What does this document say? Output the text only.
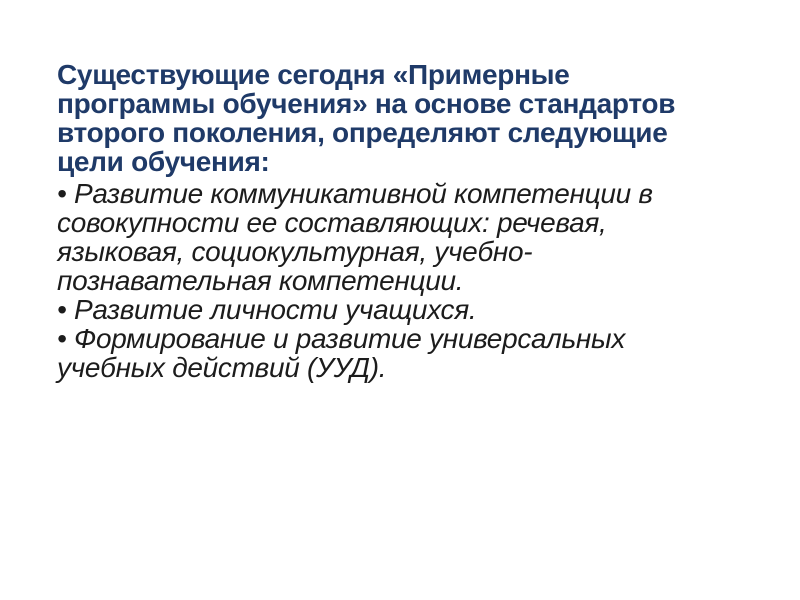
Существующие сегодня «Примерные
программы обучения» на основе стандартов
второго поколения, определяют следующие
цели обучения:
• Развитие коммуникативной компетенции в
совокупности ее составляющих: речевая,
языковая, социокультурная, учебно-
познавательная компетенции.
• Развитие личности учащихся.
• Формирование и развитие универсальных
учебных действий (УУД).
